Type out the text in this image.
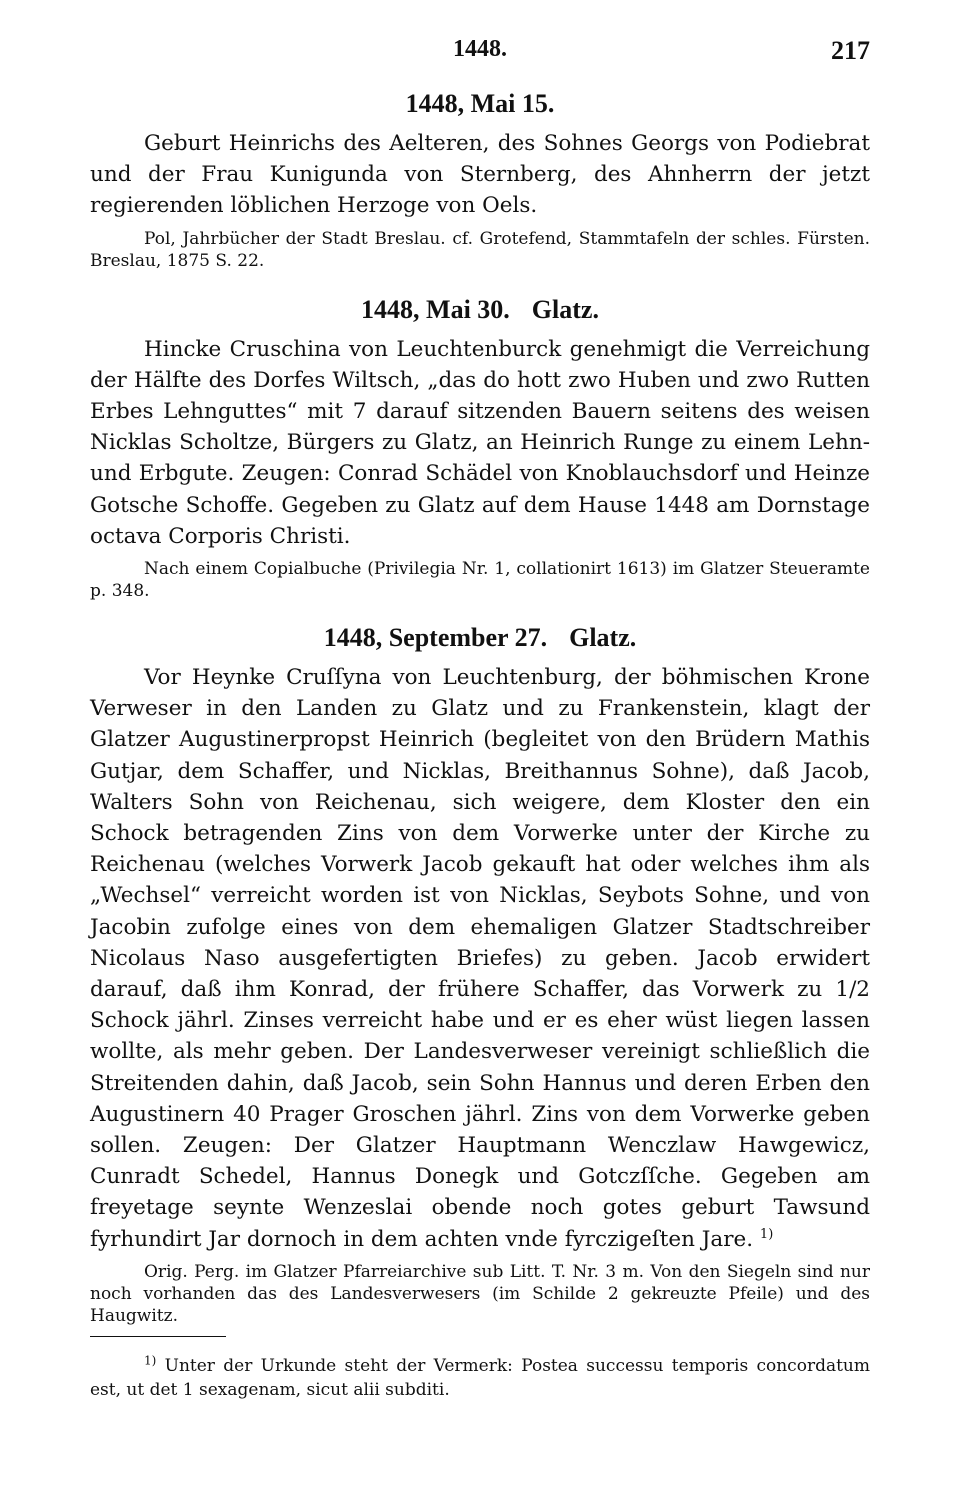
1448.	217
1448, Mai 15.

Geburt Heinrichs des Aelteren, des Sohnes Georgs von Podiebrat und der Frau Kunigunda von Sternberg, des Ahnherrn der jetzt regierenden löblichen Herzoge von Oels.

Pol, Jahrbücher der Stadt Breslau. cf. Grotefend, Stammtafeln der schles. Fürsten. Breslau, 1875 S. 22.

1448, Mai 30. Glatz.

Hincke Cruschina von Leuchtenburck genehmigt die Verreichung der Hälfte des Dorfes Wiltsch, „das do hott zwo Huben und zwo Rutten Erbes Lehnguttes“ mit 7 darauf sitzenden Bauern seitens des weisen Nicklas Scholtze, Bürgers zu Glatz, an Heinrich Runge zu einem Lehn- und Erbgute. Zeugen: Conrad Schädel von Knoblauchsdorf und Heinze Gotsche Schoffe. Gegeben zu Glatz auf dem Hause 1448 am Dornstage octava Corporis Christi.

Nach einem Copialbuche (Privilegia Nr. 1, collationirt 1613) im Glatzer Steueramte p. 348.

1448, September 27. Glatz.

Vor Heynke Cruſſyna von Leuchtenburg, der böhmischen Krone Verweser in den Landen zu Glatz und zu Frankenstein, klagt der Glatzer Augustinerpropst Heinrich (begleitet von den Brüdern Mathis Gutjar, dem Schaffer, und Nicklas, Breithannus Sohne), daß Jacob, Walters Sohn von Reichenau, sich weigere, dem Kloster den ein Schock betragenden Zins von dem Vorwerke unter der Kirche zu Reichenau (welches Vorwerk Jacob gekauft hat oder welches ihm als „Wechsel“ verreicht worden ist von Nicklas, Seybots Sohne, und von Jacobin zufolge eines von dem ehemaligen Glatzer Stadtschreiber Nicolaus Naso ausgefertigten Briefes) zu geben. Jacob erwidert darauf, daß ihm Konrad, der frühere Schaffer, das Vorwerk zu 1/2 Schock jährl. Zinses verreicht habe und er es eher wüst liegen lassen wollte, als mehr geben. Der Landesverweser vereinigt schließlich die Streitenden dahin, daß Jacob, sein Sohn Hannus und deren Erben den Augustinern 40 Prager Groschen jährl. Zins von dem Vorwerke geben sollen. Zeugen: Der Glatzer Hauptmann Wenczlaw Hawgewicz, Cunradt Schedel, Hannus Donegk und Gotczſſche. Gegeben am freyetage seynte Wenzeslai obende noch gotes geburt Tawsund fyrhundirt Jar dornoch in dem achten vnde fyrczigeſten Jare. $^{1)}$

Orig. Perg. im Glatzer Pfarreiarchive sub Litt. T. Nr. 3 m. Von den Siegeln sind nur noch vorhanden das des Landesverwesers (im Schilde 2 gekreuzte Pfeile) und des Haugwitz.

$^{1)}$ Unter der Urkunde steht der Vermerk: Postea successu temporis concordatum est, ut det 1 sexagenam, sicut alii subditi.
